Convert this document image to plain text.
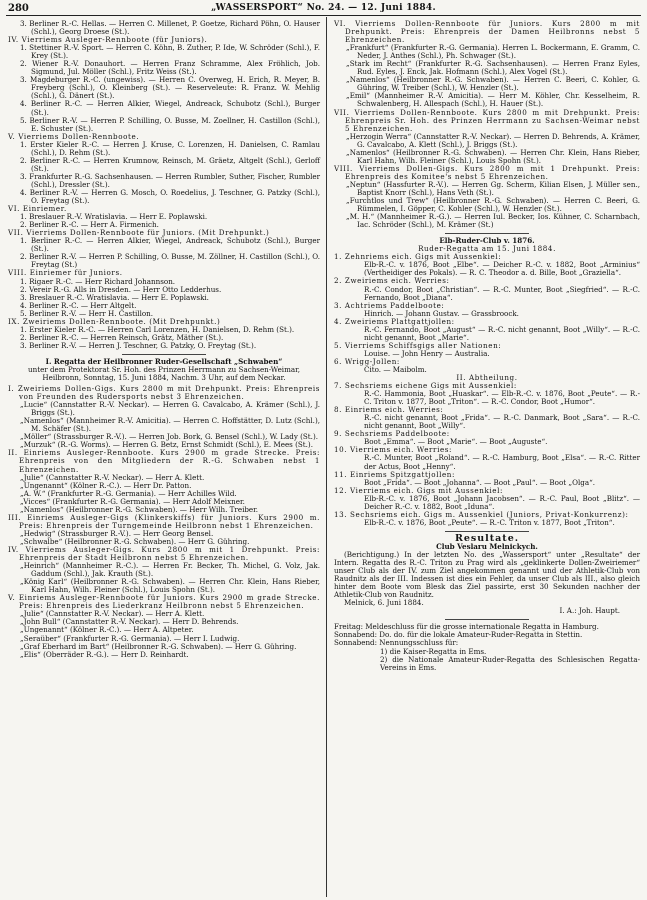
280	„WASSERSPORT“ No. 24. — 12. Juni 1884.

3. Berliner R.-C. Hellas. — Herren C. Millenet, P. Goetze, Richard Pöhn, O. Hauser (Schl.), Georg Droese (St.).

IV. Vierriems Ausleger-Rennboote (für Juniors).

1. Stettiner R.-V. Sport. — Herren C. Köhn, B. Zuther, P. Ide, W. Schröder (Schl.), F. Krey (St.).

2. Wiener R.-V. Donauhort. — Herren Franz Schramme, Alex Fröhlich, Job. Sigmund, Jul. Möller (Schl.), Fritz Weiss (St.).

3. Magdeburger R.-C. (ungewiss). — Herren C. Overweg, H. Erich, R. Meyer, B. Freyberg (Schl.), O. Kleinberg (St.). — Reserveleute: R. Franz. W. Mehlig (Schl.), G. Dänert (St.).

4. Berliner R.-C. — Herren Alkier, Wiegel, Andreack, Schubotz (Schl.), Burger (St.).

5. Berliner R.-V. — Herren P. Schilling, O. Busse, M. Zoellner, H. Castillon (Schl.), E. Schuster (St.).

V. Vierriems Dollen-Rennboote.

1. Erster Kieler R.-C. — Herren J. Kruse, C. Lorenzen, H. Danielsen, C. Ramlau (Schl.), D. Rehm (St.).

2. Berliner R.-C. — Herren Krumnow, Reinsch, M. Gräetz, Altgelt (Schl.), Gerloff (St.).

3. Frankfurter R.-G. Sachsenhausen. — Herren Rumbler, Suther, Fischer, Rumbler (Schl.), Dressler (St.).

4. Berliner R.-V. — Herren G. Mosch, O. Roedelius, J. Teschner, G. Patzky (Schl.), O. Freytag (St.).

VI. Einriemer.

1. Breslauer R.-V. Wratislavia. — Herr E. Poplawski.

2. Berliner R.-C. — Herr A. Firmenich.

VII. Vierriems Dollen-Rennboote für Juniors. (Mit Drehpunkt.)

1. Berliner R.-C. — Herren Alkier, Wiegel, Andreack, Schubotz (Schl.), Burger (St.).

2. Berliner R.-V. — Herren P. Schilling, O. Busse, M. Zöllner, H. Castillon (Schl.), O. Freytag (St.)

VIII. Einriemer für Juniors.

1. Rigaer R.-C. — Herr Richard Johannson.

2. Vereir R.-G. Alls in Dresden. — Herr Otto Ledderhus.

3. Breslauer R.-C. Wratislavia. — Herr E. Poplawski.

4. Berliner R.-C. — Herr Altgelt.

5. Berliner R.-V. — Herr H. Castillon.

IX. Zweiriems Dollen-Rennboote. (Mit Drehpunkt.)

1. Erster Kieler R.-C. — Herren Carl Lorenzen, H. Danielsen, D. Rehm (St.).

2. Berliner R.-C. — Herren Reinsch, Grätz, Mäther (St.).

3. Berliner R.-V. — Herren J. Teschner, G. Patzky, O. Freytag (St.).

I. Regatta der Heilbronner Ruder-Gesellschaft „Schwaben“

unter dem Protektorat Sr. Hoh. des Prinzen Herrmann zu Sachsen-Weimar, Heilbronn, Sonntag, 15. Juni 1884, Nachm. 3 Uhr, auf dem Neckar.

I. Zweiriems Dollen-Gigs. Kurs 2800 m mit Drehpunkt. Preis: Ehrenpreis von Freunden des Rudersports nebst 3 Ehrenzeichen.

„Lucie“ (Cannstatter R.-V. Neckar). — Herren G. Cavalcabo, A. Krämer (Schl.), J. Briggs (St.).

„Namenlos“ (Mannheimer R.-V. Amicitia). — Herren C. Hoffstätter, D. Lutz (Schl.), M. Schäfer (St.).

„Möller“ (Strassburger R.-V.). — Herren Job. Bork, G. Bensel (Schl.), W. Lady (St.).

„Murzuk“ (R.-G. Worms). — Herren G. Betz, Ernst Schmidt (Schl.), E. Mees (St.).

II. Einriems Ausleger-Rennboote. Kurs 2900 m grade Strecke. Preis: Ehrenpreis von den Mitgliedern der R.-G. Schwaben nebst 1 Ehrenzeichen.

„Julie“ (Cannstatter R.-V. Neckar). — Herr A. Klett.

„Ungenannt“ (Kölner R.-C.). — Herr Dr. Patton.

„A. W.“ (Frankfurter R.-G. Germania). — Herr Achilles Wild.

„Vicces“ (Frankfurter R.-G. Germania). — Herr Adolf Meixner.

„Namenlos“ (Heilbronner R.-G. Schwaben). — Herr Wilh. Treiber.

III. Einriems Ausleger-Gigs (Klinkerskiffs) für Juniors. Kurs 2900 m. Preis: Ehrenpreis der Turngemeinde Heilbronn nebst 1 Ehrenzeichen.

„Hedwig“ (Strassburger R.-V.). — Herr Georg Bensel.

„Schwalbe“ (Heilbronner R.-G. Schwaben). — Herr G. Gühring.

IV. Vierriems Ausleger-Gigs. Kurs 2800 m mit 1 Drehpunkt. Preis: Ehrenpreis der Stadt Heilbronn nebst 5 Ehrenzeichen.

„Heinrich“ (Mannheimer R.-C.). — Herren Fr. Becker, Th. Michel, G. Volz, Jak. Gaddum (Schl.), Jak. Krauth (St.).

„König Karl“ (Heilbronner R.-G. Schwaben). — Herren Chr. Klein, Hans Rieber, Karl Hahn, Wilh. Fleiner (Schl.), Louis Spohn (St.).

V. Einriems Ausleger-Rennboote für Juniors. Kurs 2900 m grade Strecke. Preis: Ehrenpreis des Liederkranz Heilbronn nebst 5 Ehrenzeichen.

„Julie“ (Cannstatter R.-V. Neckar). — Herr A. Klett.

„John Bull“ (Cannstatter R.-V. Neckar). — Herr D. Behrends.

„Ungenannt“ (Kölner R.-C.). — Herr A. Altpeter.

„Seraüber“ (Frankfurter R.-G. Germania). — Herr I. Ludwig.

„Graf Eberhard im Bart“ (Heilbronner R.-G. Schwaben). — Herr G. Gühring.

„Elis“ (Oberräder R.-G.). — Herr D. Reinhardt.

VI. Vierriems Dollen-Rennboote für Juniors. Kurs 2800 m mit Drehpunkt. Preis: Ehrenpreis der Damen Heilbronns nebst 5 Ehrenzeichen.

„Frankfurt“ (Frankfurter R.-G. Germania). Herren L. Bockermann, E. Gramm, C. Neder, J. Anthes (Schl.), Ph. Schwager (St.).

„Stark im Recht“ (Frankfurter R.-G. Sachsenhausen). — Herren Franz Eyles, Rud. Eyles, J. Enck, Jak. Hofmann (Schl.), Alex Vogel (St.).

„Namenlos“ (Heilbronner R.-G. Schwaben). — Herren C. Beeri, C. Kohler, G. Gühring, W. Treiber (Schl.), W. Henzler (St.).

„Emil“ (Mannheimer R.-V. Amicitia). — Herr M. Köhler, Chr. Kesselheim, R. Schwalenberg, H. Allespach (Schl.), H. Hauer (St.).

VII. Vierriems Dollen-Rennboote. Kurs 2800 m mit Drehpunkt. Preis: Ehrenpreis Sr. Hoh. des Prinzen Herrmann zu Sachsen-Weimar nebst 5 Ehrenzeichen.

„Herzogin Werra“ (Cannstatter R.-V. Neckar). — Herren D. Behrends, A. Krämer, G. Cavalcabo, A. Klett (Schl.), J. Briggs (St.).

„Namenlos“ (Heilbronner R.-G. Schwaben). — Herren Chr. Klein, Hans Rieber, Karl Hahn, Wilh. Fleiner (Schl.), Louis Spohn (St.).

VIII. Vierriems Dollen-Gigs. Kurs 2800 m mit 1 Drehpunkt. Preis: Ehrenpreis des Komitee's nebst 5 Ehrenzeichen.

„Neptun“ (Hassfurter R.-V.). — Herren Gg. Scherm, Kilian Elsen, J. Müller sen., Baptist Knorr (Schl.), Hans Veth (St.).

„Furchtlos und Trew“ (Heilbronner R.-G. Schwaben). — Herren C. Beeri, G. Rümmelen, I. Göpper, C. Kohler (Schl.), W. Henzler (St.).

„M. H.“ (Mannheimer R.-G.). — Herren Iul. Becker, Ios. Kühner, C. Scharnbach, Iac. Schröder (Schl.), M. Krämer (St.)

Elb-Ruder-Club v. 1876.

Ruder-Regatta am 15. Juni 1884.

1. Zehnriems eich. Gigs mit Aussenkiel:

Elb-R.-C. v. 1876, Boot „Elbe“. — Deicher R.-C. v. 1882, Boot „Arminius“ (Vertheidiger des Pokals). — R. C. Theodor a. d. Bille, Boot „Graziella“.

2. Zweiriems eich. Werries:

R.-C. Condor, Boot „Christian“. — R.-C. Munter, Boot „Siegfried“. — R.-C. Fernando, Boot „Diana“.

3. Achtriems Paddelboote:

Hinrich. — Johann Gustav. — Grassbroock.

4. Zweiriems Plattgattjollen:

R.-C. Fernando, Boot „August“ — R.-C. nicht genannt, Boot „Willy“. — R.-C. nicht genannt, Boot „Marie“.

5. Vierriems Schiffsgigs aller Nationen:

Louise. — John Henry — Australia.

6. Wrigg-Jollen:

Cito. — Maibolm.

II. Abtheilung.

7. Sechsriems eichene Gigs mit Aussenkiel:

R.-C. Hammonia, Boot „Huaskar“. — Elb-R.-C. v. 1876, Boot „Peute“. — R.-C. Triton v. 1877, Boot „Triton“. — R.-C. Condor, Boot „Humor“.

8. Einriems eich. Werries:

R.-C. nicht genannt, Boot „Frida“. — R.-C. Danmark, Boot „Sara“. — R.-C. nicht genannt, Boot „Willy“.

9. Sechsriems Paddelboote:

Boot „Emma“. — Boot „Marie“. — Boot „Auguste“.

10. Vierriems eich. Werries:

R.-C. Munter, Boot „Roland“. — R.-C. Hamburg, Boot „Elsa“. — R.-C. Ritter der Actus, Boot „Henny“.

11. Einriems Spitzgattjollen:

Boot „Frida“. — Boot „Johanna“. — Boot „Paul“. — Boot „Olga“.

12. Vierriems eich. Gigs mit Aussenkiel:

Elb-R.-C. v. 1876, Boot „Johann Jacobsen“. — R.-C. Paul, Boot „Blitz“. — Deicher R.-C. v. 1882, Boot „Iduna“.

13. Sechsriems eich. Gigs m. Aussenkiel (Juniors, Privat-Konkurrenz):

Elb-R.-C. v. 1876, Boot „Peute“. — R.-C. Triton v. 1877, Boot „Triton“.

Resultate.

Club Veslaru Melnickych.

(Berichtigung.) In der letzten No. des „Wassersport“ unter „Resultate“ der Intern. Regatta des R.-C. Triton zu Prag wird als „geklinkerte Dollen-Zweiriemer“ unser Club als der IV. zum Ziel angekommen genannt und der Athletik-Club von Raudnitz als der III. Indessen ist dies ein Fehler, da unser Club als III., also gleich hinter dem Boote vom Blesk das Ziel passirte, erst 30 Sekunden nachher der Athletik-Club von Raudnitz.

Melnick, 6. Juni 1884.

I. A.: Joh. Haupt.

Freitag: Meldeschluss für die grosse internationale Regatta in Hamburg.

Sonnabend: Do. do. für die lokale Amateur-Ruder-Regatta in Stettin.

Sonnabend: Nennungsschluss für:

1) die Kaiser-Regatta in Ems.

2) die Nationale Amateur-Ruder-Regatta des Schlesischen Regatta-Vereins in Ems.
